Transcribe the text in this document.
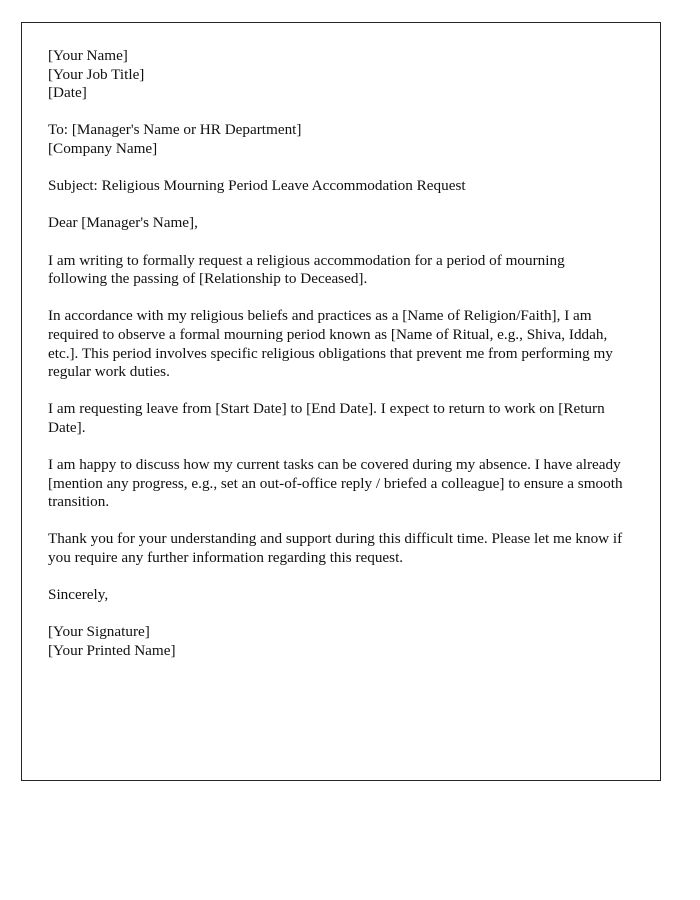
[Your Name]
[Your Job Title]
[Date]
To: [Manager's Name or HR Department]
[Company Name]
Subject: Religious Mourning Period Leave Accommodation Request
Dear [Manager's Name],
I am writing to formally request a religious accommodation for a period of mourning following the passing of [Relationship to Deceased].
In accordance with my religious beliefs and practices as a [Name of Religion/Faith], I am required to observe a formal mourning period known as [Name of Ritual, e.g., Shiva, Iddah, etc.]. This period involves specific religious obligations that prevent me from performing my regular work duties.
I am requesting leave from [Start Date] to [End Date]. I expect to return to work on [Return Date].
I am happy to discuss how my current tasks can be covered during my absence. I have already [mention any progress, e.g., set an out-of-office reply / briefed a colleague] to ensure a smooth transition.
Thank you for your understanding and support during this difficult time. Please let me know if you require any further information regarding this request.
Sincerely,
[Your Signature]
[Your Printed Name]
